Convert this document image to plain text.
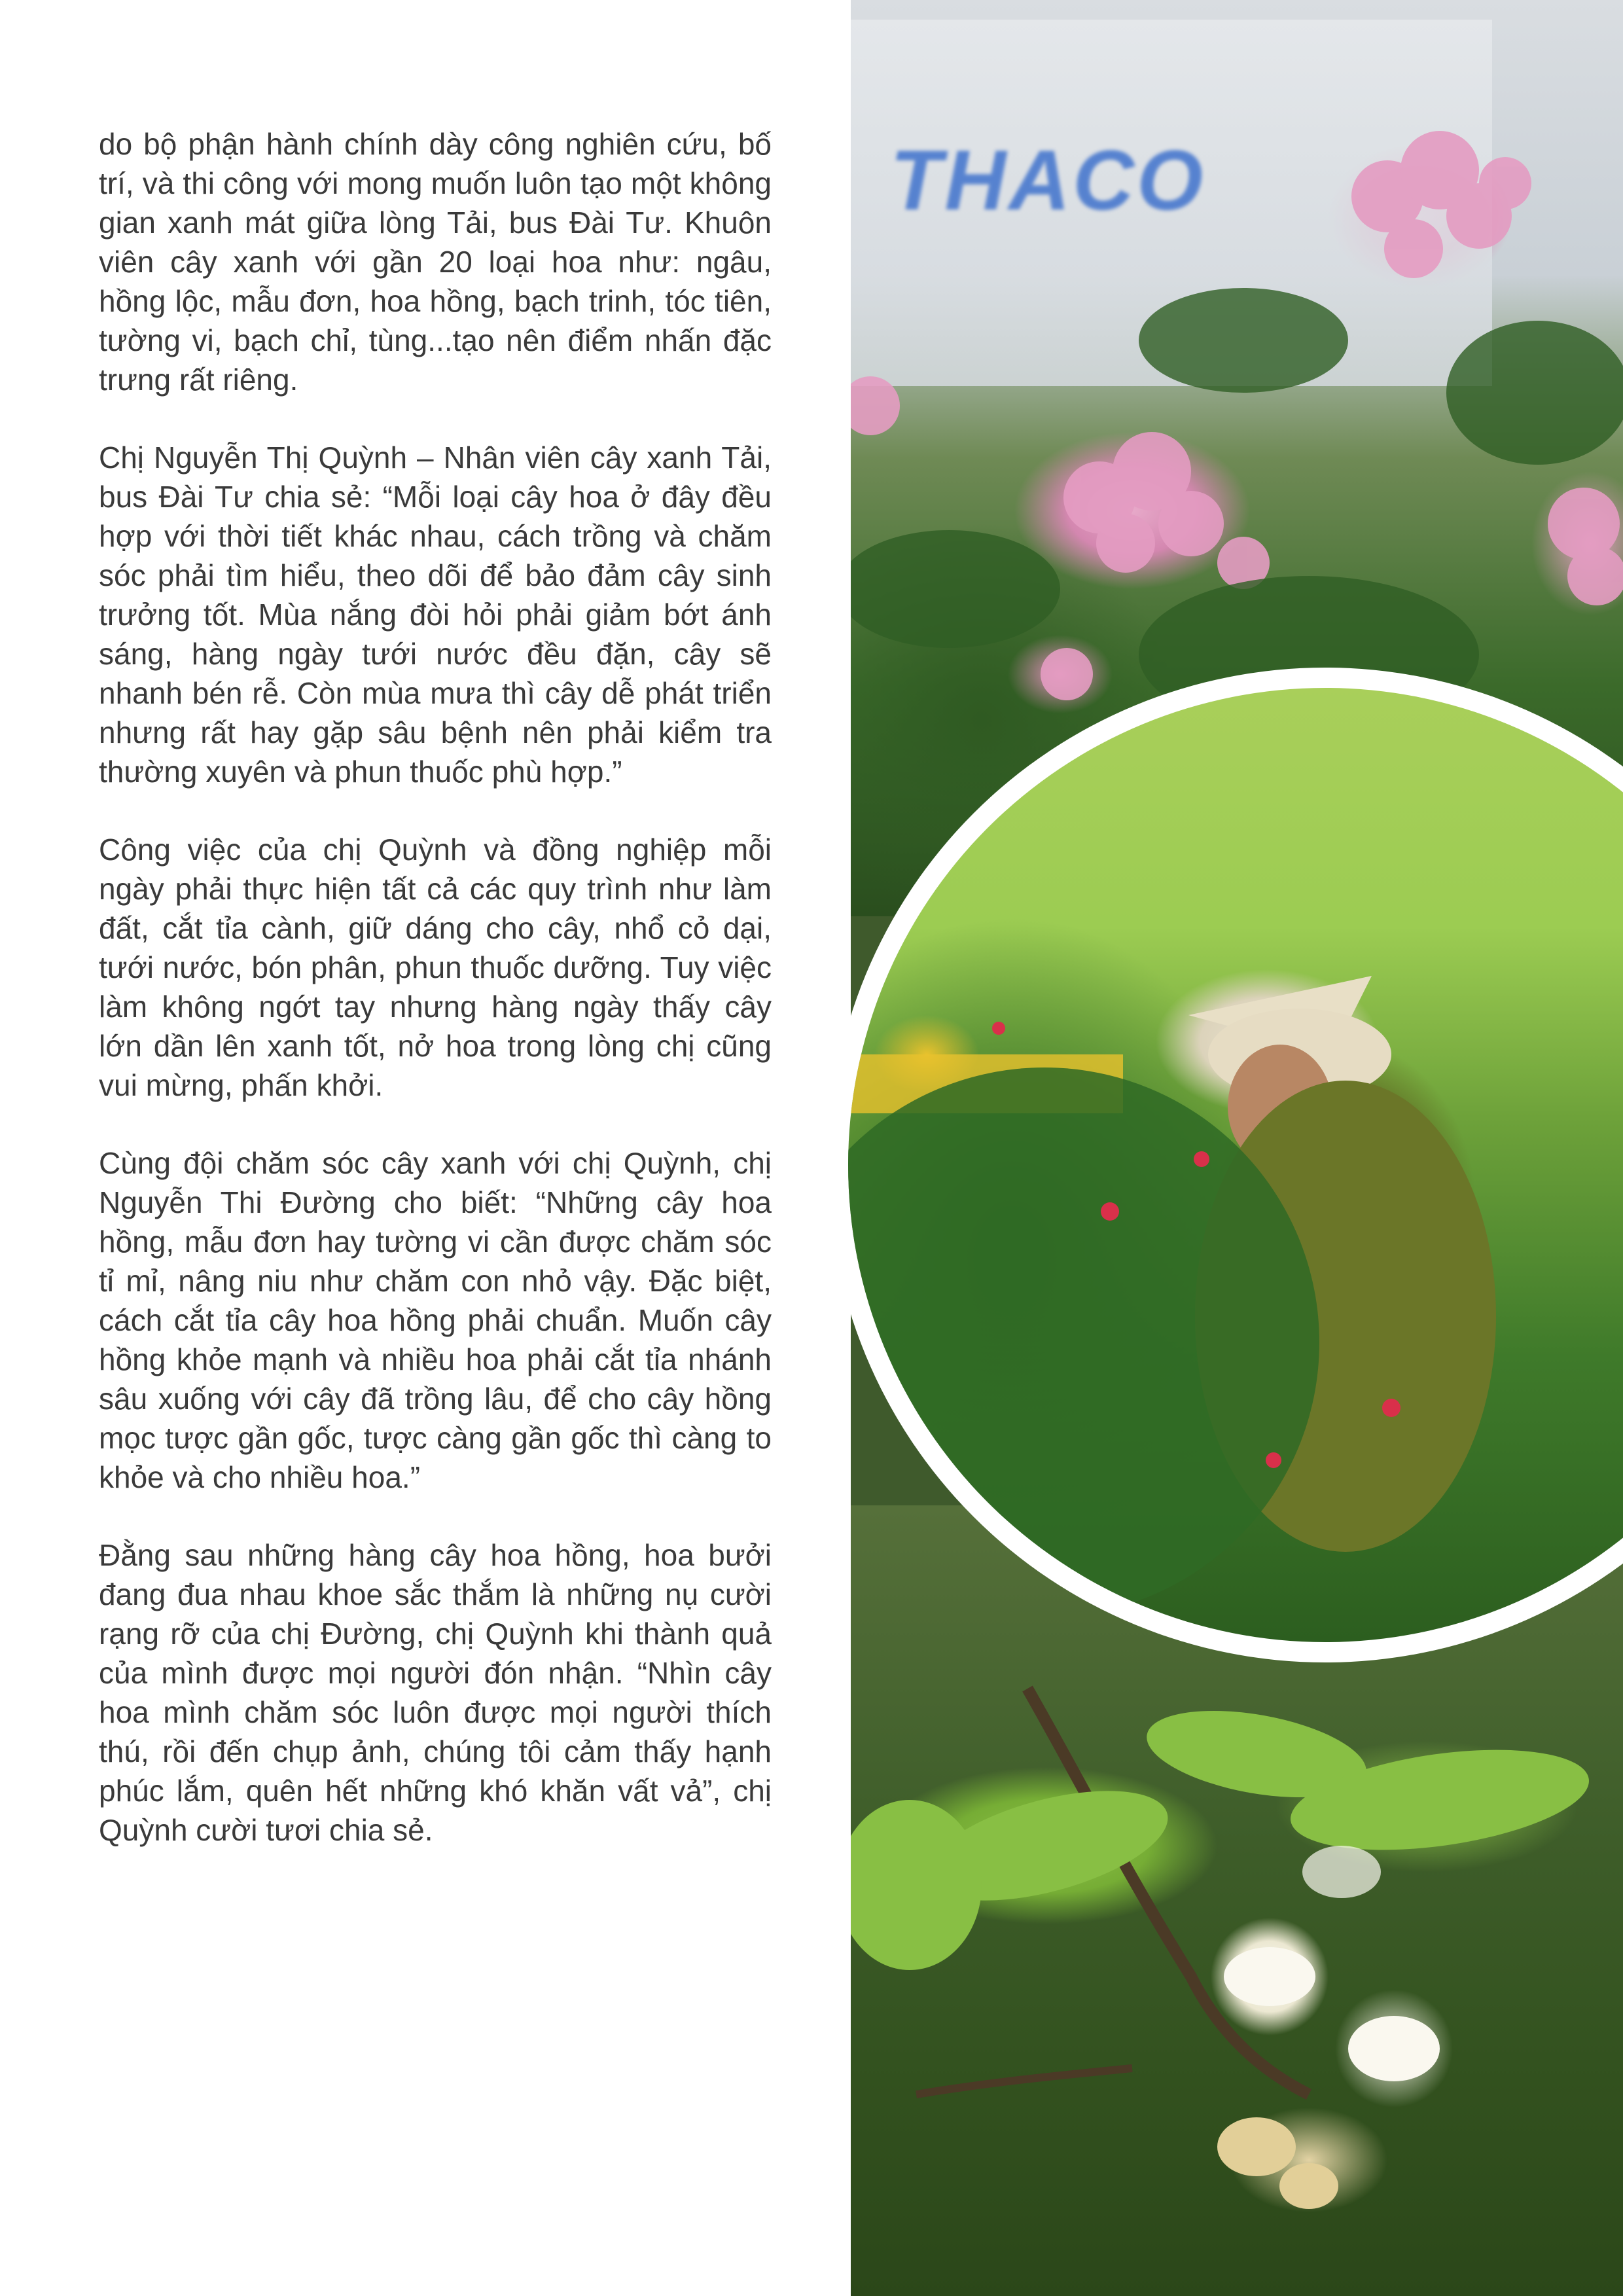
do bộ phận hành chính dày công nghiên cứu, bố trí, và thi công với mong muốn luôn tạo một không gian xanh mát giữa lòng Tải, bus Đài Tư. Khuôn viên cây xanh với gần 20 loại hoa như: ngâu, hồng lộc, mẫu đơn, hoa hồng, bạch trinh, tóc tiên, tường vi, bạch chỉ, tùng...tạo nên điểm nhấn đặc trưng rất riêng.

Chị Nguyễn Thị Quỳnh – Nhân viên cây xanh Tải, bus Đài Tư chia sẻ: “Mỗi loại cây hoa ở đây đều hợp với thời tiết khác nhau, cách trồng và chăm sóc phải tìm hiểu, theo dõi để bảo đảm cây sinh trưởng tốt. Mùa nắng đòi hỏi phải giảm bớt ánh sáng, hàng ngày tưới nước đều đặn, cây sẽ nhanh bén rễ. Còn mùa mưa thì cây dễ phát triển nhưng rất hay gặp sâu bệnh nên phải kiểm tra thường xuyên và phun thuốc phù hợp.”

Công việc của chị Quỳnh và đồng nghiệp mỗi ngày phải thực hiện tất cả các quy trình như làm đất, cắt tỉa cành, giữ dáng cho cây, nhổ cỏ dại, tưới nước, bón phân, phun thuốc dưỡng. Tuy việc làm không ngớt tay nhưng hàng ngày thấy cây lớn dần lên xanh tốt, nở hoa trong lòng chị cũng vui mừng, phấn khởi.

Cùng đội chăm sóc cây xanh với chị Quỳnh, chị Nguyễn Thi Đường cho biết: “Những cây hoa hồng, mẫu đơn hay tường vi cần được chăm sóc tỉ mỉ, nâng niu như chăm con nhỏ vậy. Đặc biệt, cách cắt tỉa cây hoa hồng phải chuẩn. Muốn cây hồng khỏe mạnh và nhiều hoa phải cắt tỉa nhánh sâu xuống với cây đã trồng lâu, để cho cây hồng mọc tược gần gốc, tược càng gần gốc thì càng to khỏe và cho nhiều hoa.”

Đằng sau những hàng cây hoa hồng, hoa bưởi đang đua nhau khoe sắc thắm là những nụ cười rạng rỡ của chị Đường, chị Quỳnh khi thành quả của mình được mọi người đón nhận. “Nhìn cây hoa mình chăm sóc luôn được mọi người thích thú, rồi đến chụp ảnh, chúng tôi cảm thấy hạnh phúc lắm, quên hết những khó khăn vất vả”, chị Quỳnh cười tươi chia sẻ.

THACO
